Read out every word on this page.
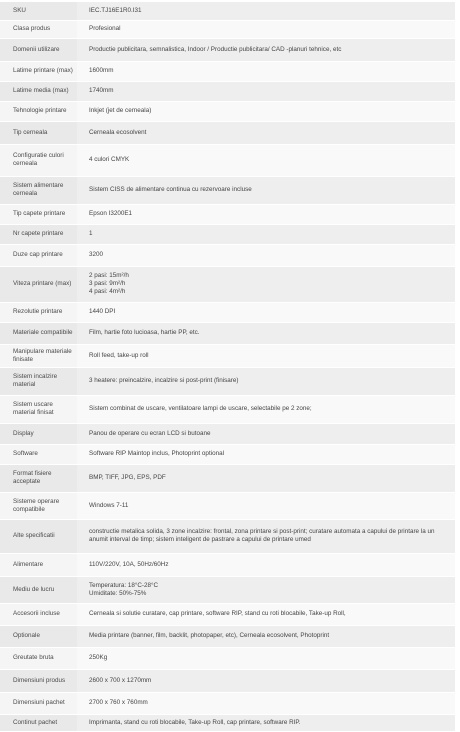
SKU	IEC.TJ16E1R0.I31
Clasa produs	Profesional
Domenii utilizare	Productie publicitara, semnalistica, Indoor / Productie publicitara/ CAD -planuri tehnice, etc
Latime printare (max)	1600mm
Latime media (max)	1740mm
Tehnologie printare	Inkjet (jet de cerneala)
Tip cerneala	Cerneala ecosolvent
Configuratie culori cerneala	4 culori CMYK
Sistem alimentare cerneala	Sistem CISS de alimentare continua cu rezervoare incluse
Tip capete printare	Epson I3200E1
Nr capete printare	1
Duze cap printare	3200
Viteza printare (max)	2 pasi: 15m²/h
3 pasi: 9m²/h
4 pasi: 4m²/h

Rezolutie printare	1440 DPI
Materiale compatibile	Film, hartie foto lucioasa, hartie PP, etc.
Manipulare materiale finisate	Roll feed, take-up roll
Sistem incalzire material	3 heatere: preincalzire, incalzire si post-print (finisare)
Sistem uscare material finisat	Sistem combinat de uscare, ventilatoare lampi de uscare, selectabile pe 2 zone;
Display	Panou de operare cu ecran LCD si butoane
Software	Software RIP Maintop inclus, Photoprint optional
Format fisiere acceptate	BMP, TIFF, JPG, EPS, PDF
Sisteme operare compatibile	Windows 7-11
Alte specificatii	constructie metalica solida, 3 zone incalzire: frontal, zona printare si post-print; curatare automata a capului de printare la un anumit interval de timp; sistem inteligent de pastrare a capului de printare umed
Alimentare	110V/220V, 10A, 50Hz/60Hz
Mediu de lucru	Temperatura: 18°C-28°C
Umiditate: 50%-75%

Accesorii incluse	Cerneala si solutie curatare, cap printare, software RIP, stand cu roti blocabile, Take-up Roll,
Optionale	Media printare (banner, film, backlit, photopaper, etc), Cerneala ecosolvent, Photoprint
Greutate bruta	250Kg
Dimensiuni produs	2600 x 700 x 1270mm
Dimensiuni pachet	2700 x 760 x 760mm
Continut pachet	Imprimanta, stand cu roti blocabile, Take-up Roll, cap printare, software RIP.
